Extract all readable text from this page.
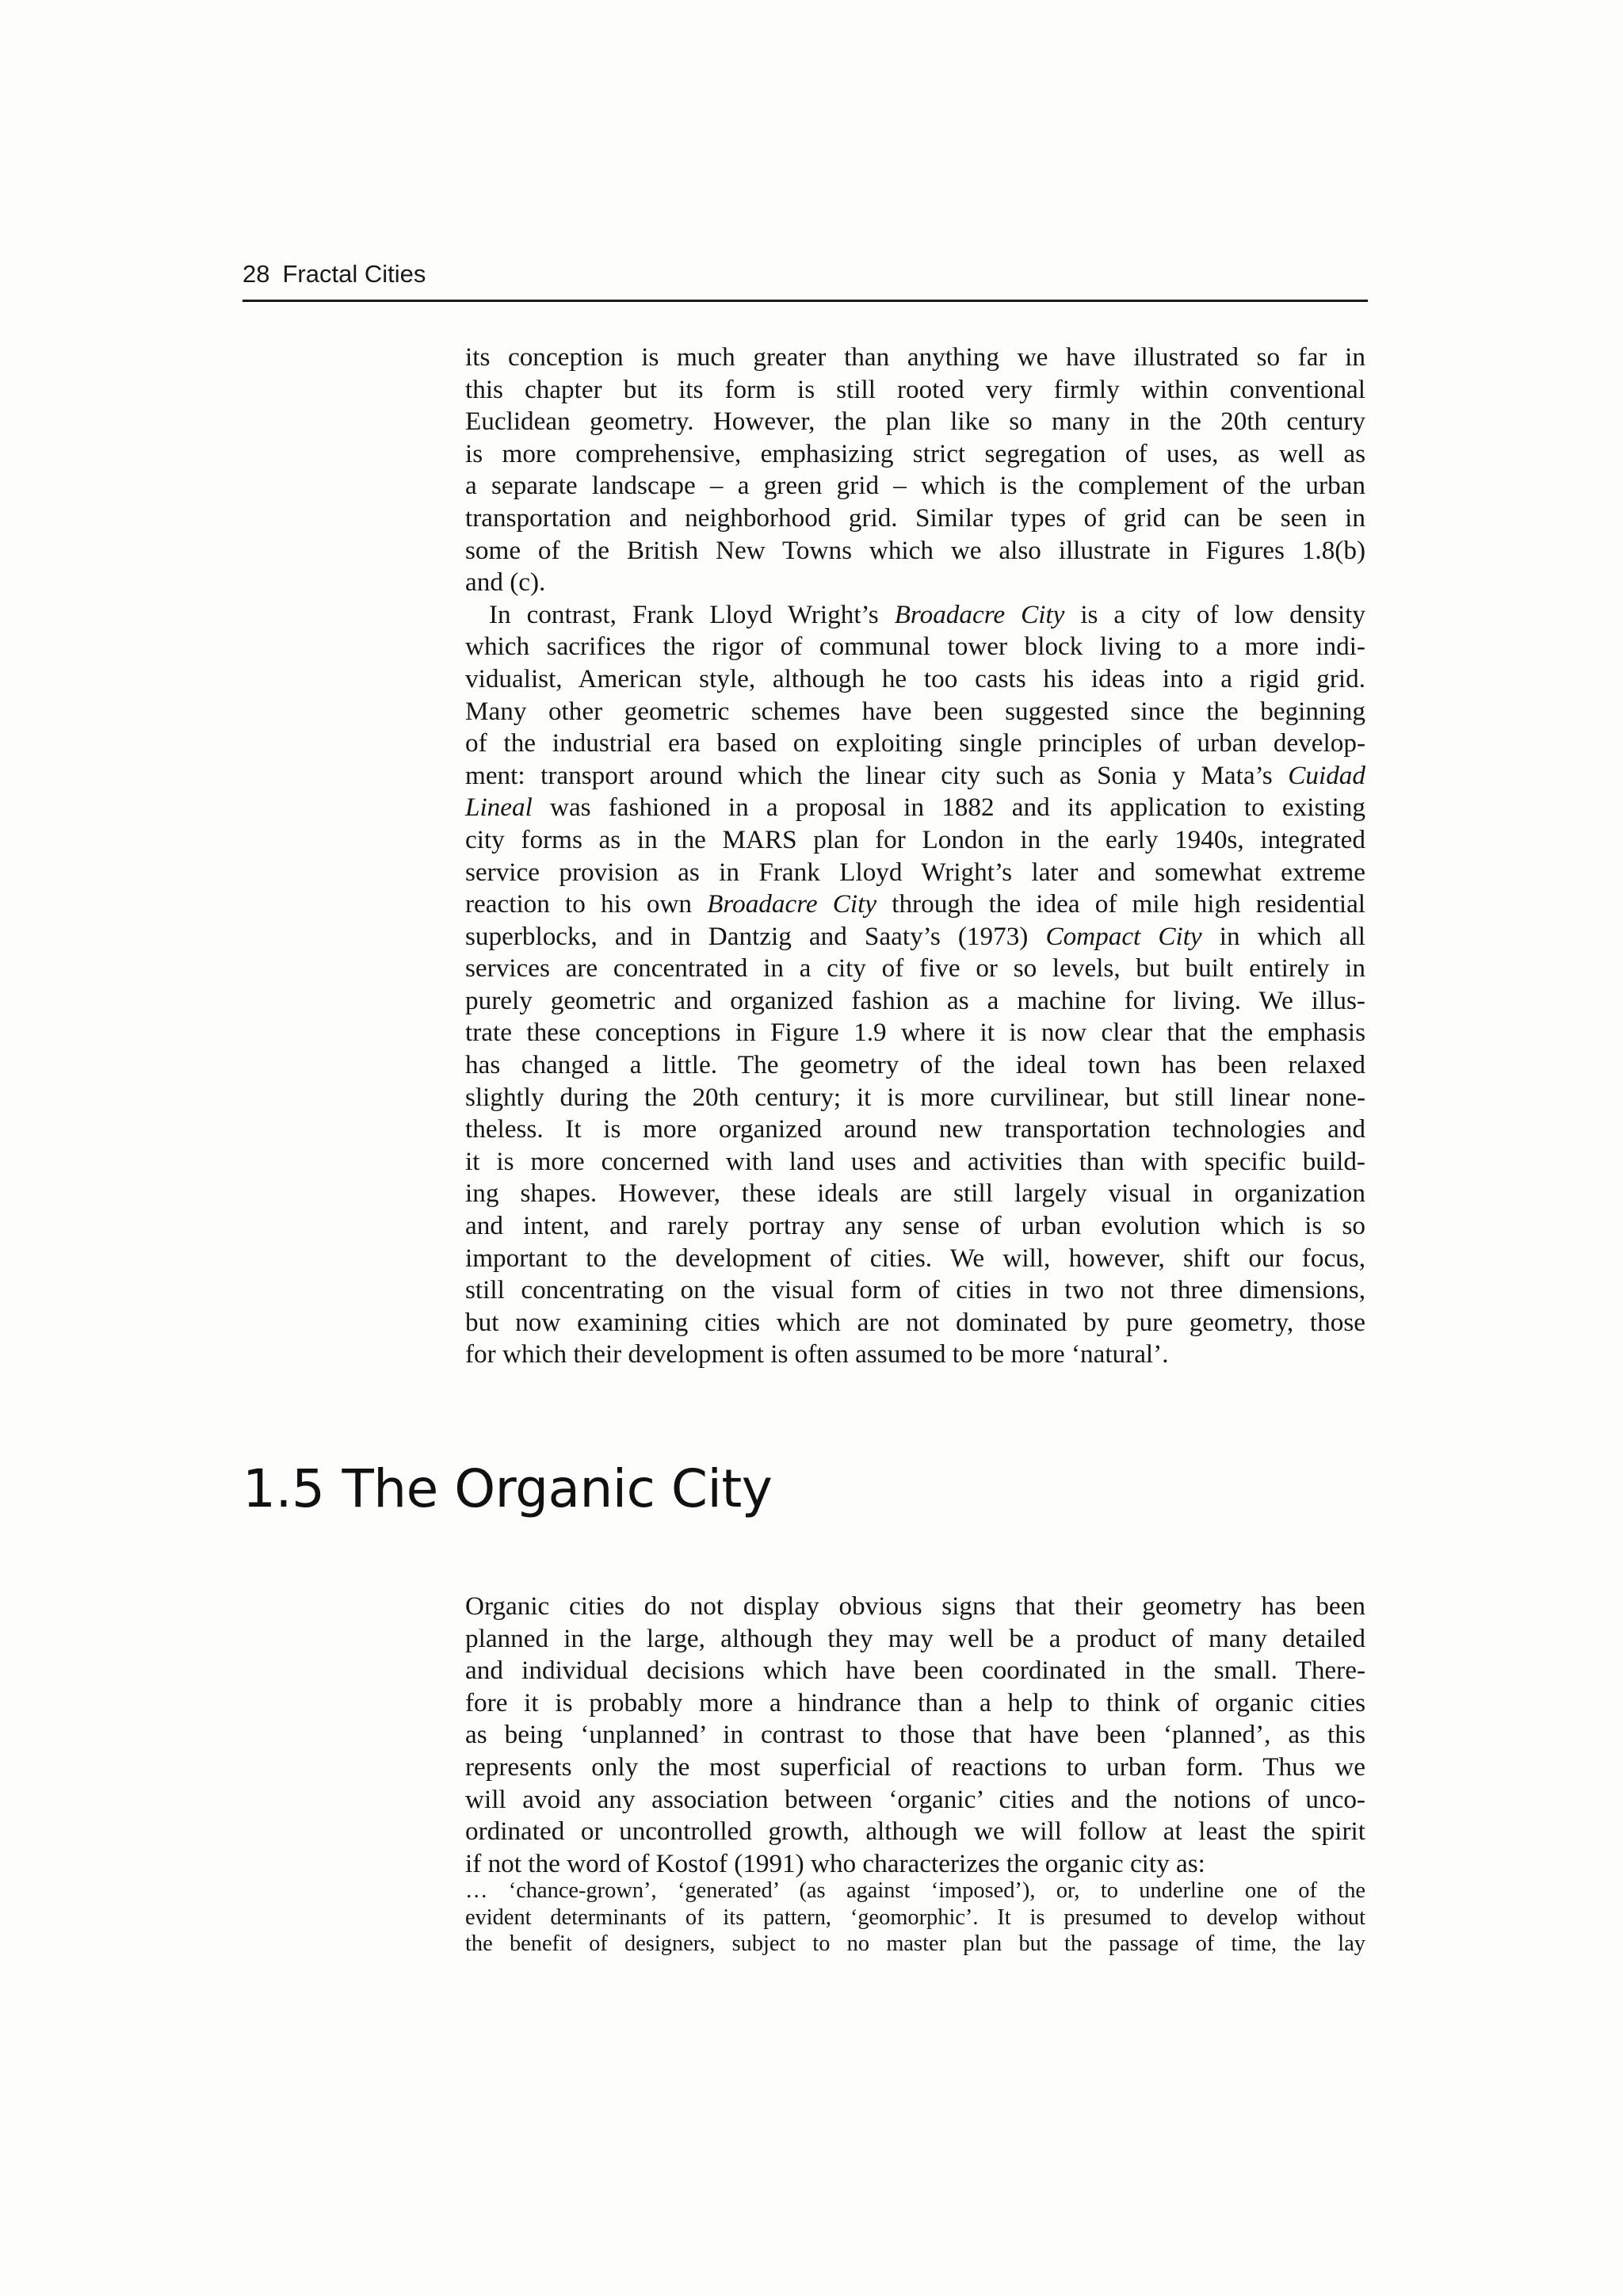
28 Fractal Cities
its conception is much greater than anything we have illustrated so far in
this chapter but its form is still rooted very firmly within conventional
Euclidean geometry. However, the plan like so many in the 20th century
is more comprehensive, emphasizing strict segregation of uses, as well as
a separate landscape – a green grid – which is the complement of the urban
transportation and neighborhood grid. Similar types of grid can be seen in
some of the British New Towns which we also illustrate in Figures 1.8(b)
and (c).
In contrast, Frank Lloyd Wright’s Broadacre City is a city of low density
which sacrifices the rigor of communal tower block living to a more indi-
vidualist, American style, although he too casts his ideas into a rigid grid.
Many other geometric schemes have been suggested since the beginning
of the industrial era based on exploiting single principles of urban develop-
ment: transport around which the linear city such as Sonia y Mata’s Cuidad
Lineal was fashioned in a proposal in 1882 and its application to existing
city forms as in the MARS plan for London in the early 1940s, integrated
service provision as in Frank Lloyd Wright’s later and somewhat extreme
reaction to his own Broadacre City through the idea of mile high residential
superblocks, and in Dantzig and Saaty’s (1973) Compact City in which all
services are concentrated in a city of five or so levels, but built entirely in
purely geometric and organized fashion as a machine for living. We illus-
trate these conceptions in Figure 1.9 where it is now clear that the emphasis
has changed a little. The geometry of the ideal town has been relaxed
slightly during the 20th century; it is more curvilinear, but still linear none-
theless. It is more organized around new transportation technologies and
it is more concerned with land uses and activities than with specific build-
ing shapes. However, these ideals are still largely visual in organization
and intent, and rarely portray any sense of urban evolution which is so
important to the development of cities. We will, however, shift our focus,
still concentrating on the visual form of cities in two not three dimensions,
but now examining cities which are not dominated by pure geometry, those
for which their development is often assumed to be more ‘natural’.
1.5 The Organic City
Organic cities do not display obvious signs that their geometry has been
planned in the large, although they may well be a product of many detailed
and individual decisions which have been coordinated in the small. There-
fore it is probably more a hindrance than a help to think of organic cities
as being ‘unplanned’ in contrast to those that have been ‘planned’, as this
represents only the most superficial of reactions to urban form. Thus we
will avoid any association between ‘organic’ cities and the notions of unco-
ordinated or uncontrolled growth, although we will follow at least the spirit
if not the word of Kostof (1991) who characterizes the organic city as:
… ‘chance-grown’, ‘generated’ (as against ‘imposed’), or, to underline one of the
evident determinants of its pattern, ‘geomorphic’. It is presumed to develop without
the benefit of designers, subject to no master plan but the passage of time, the lay
